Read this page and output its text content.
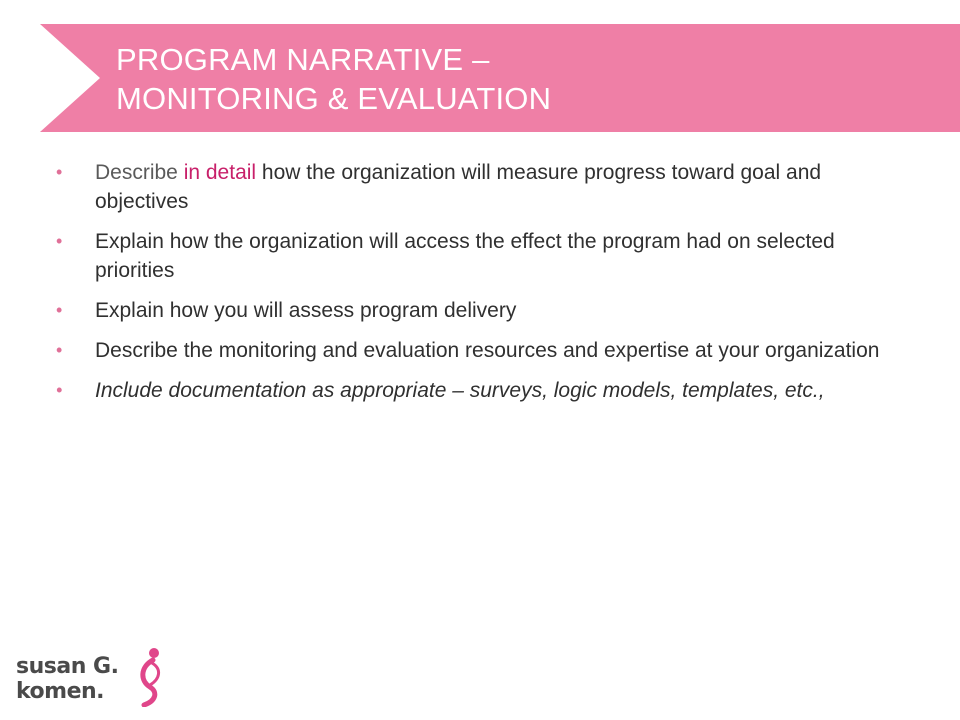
PROGRAM NARRATIVE –
MONITORING & EVALUATION
• Describe in detail how the organization will measure progress toward goal and objectives
• Explain how the organization will access the effect the program had on selected priorities
• Explain how you will assess program delivery
• Describe the monitoring and evaluation resources and expertise at your organization
• Include documentation as appropriate – surveys, logic models, templates, etc.,
susan G.
komen.
